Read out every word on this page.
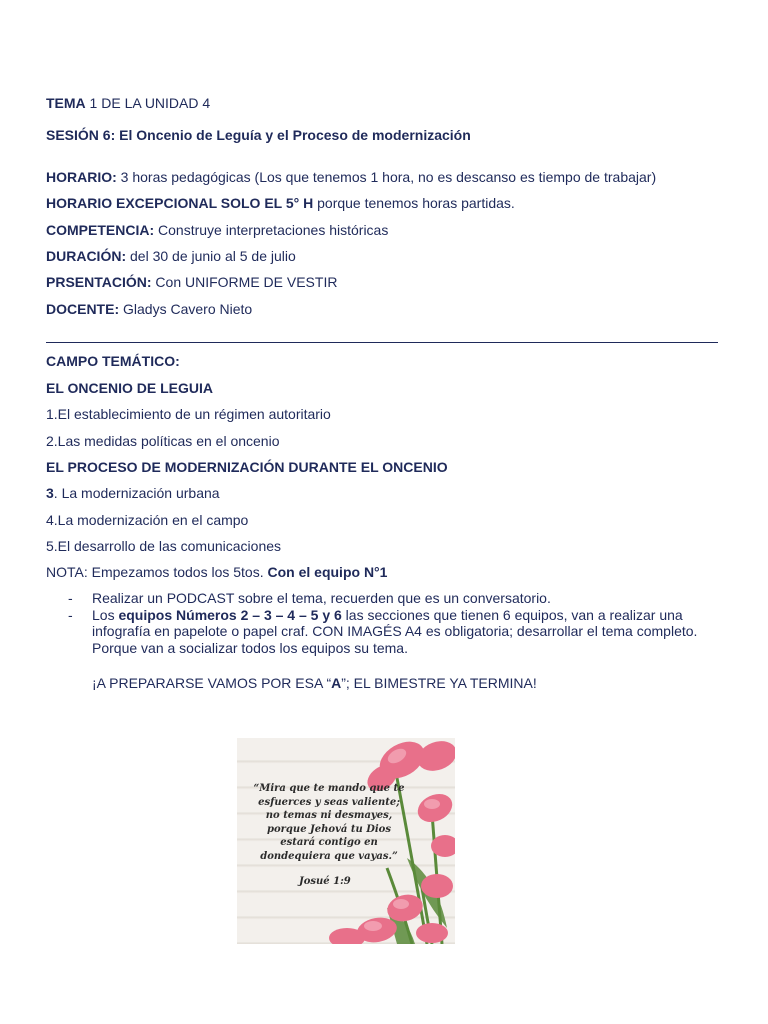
TEMA 1 DE LA UNIDAD 4
SESIÓN 6: El Oncenio de Leguía y el Proceso de modernización
HORARIO: 3 horas pedagógicas (Los que tenemos 1 hora, no es descanso es tiempo de trabajar)
HORARIO EXCEPCIONAL SOLO EL 5° H porque tenemos horas partidas.
COMPETENCIA: Construye interpretaciones históricas
DURACIÓN: del 30 de junio al 5 de julio
PRSENTACIÓN: Con UNIFORME DE VESTIR
DOCENTE: Gladys Cavero Nieto
CAMPO TEMÁTICO:
EL ONCENIO DE LEGUIA
1.El establecimiento de un régimen autoritario
2.Las medidas políticas en el oncenio
EL PROCESO DE MODERNIZACIÓN DURANTE EL ONCENIO
3. La modernización urbana
4.La modernización en el campo
5.El desarrollo de las comunicaciones
NOTA: Empezamos todos los 5tos. Con el equipo N°1
- Realizar un PODCAST sobre el tema, recuerden que es un conversatorio.
- Los equipos Números 2 – 3 – 4 – 5 y 6 las secciones que tienen 6 equipos, van a realizar una infografía en papelote o papel craf. CON IMAGÉS A4 es obligatoria; desarrollar el tema completo. Porque van a socializar todos los equipos su tema.
¡A PREPARARSE VAMOS POR ESA “A”; EL BIMESTRE YA TERMINA!
“Mira que te mando que te
esfuerces y seas valiente;
no temas ni desmayes,
porque Jehová tu Dios
estará contigo en
dondequiera que vayas.”
Josué 1:9
